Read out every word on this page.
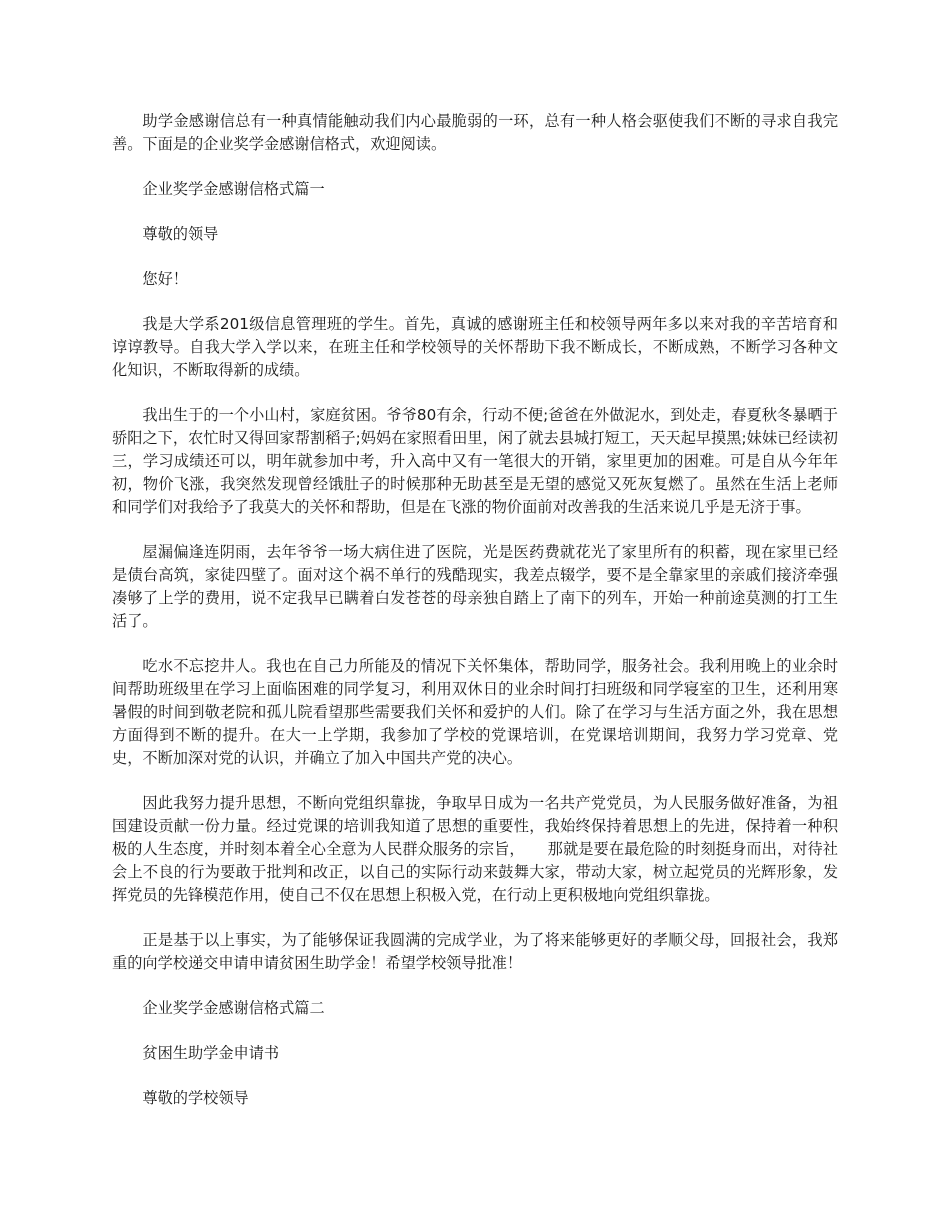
助学金感谢信总有一种真情能触动我们内心最脆弱的一环，总有一种人格会驱使我们不断的寻求自我完善。下面是的企业奖学金感谢信格式，欢迎阅读。

企业奖学金感谢信格式篇一

尊敬的领导

您好！

我是大学系201级信息管理班的学生。首先，真诚的感谢班主任和校领导两年多以来对我的辛苦培育和谆谆教导。自我大学入学以来，在班主任和学校领导的关怀帮助下我不断成长，不断成熟，不断学习各种文化知识，不断取得新的成绩。

我出生于的一个小山村，家庭贫困。爷爷80有余，行动不便;爸爸在外做泥水，到处走，春夏秋冬暴晒于骄阳之下，农忙时又得回家帮割稻子;妈妈在家照看田里，闲了就去县城打短工，天天起早摸黑;妹妹已经读初三，学习成绩还可以，明年就参加中考，升入高中又有一笔很大的开销，家里更加的困难。可是自从今年年初，物价飞涨，我突然发现曾经饿肚子的时候那种无助甚至是无望的感觉又死灰复燃了。虽然在生活上老师和同学们对我给予了我莫大的关怀和帮助，但是在飞涨的物价面前对改善我的生活来说几乎是无济于事。

屋漏偏逢连阴雨，去年爷爷一场大病住进了医院，光是医药费就花光了家里所有的积蓄，现在家里已经是债台高筑，家徒四壁了。面对这个祸不单行的残酷现实，我差点辍学，要不是全靠家里的亲戚们接济牵强凑够了上学的费用，说不定我早已瞒着白发苍苍的母亲独自踏上了南下的列车，开始一种前途莫测的打工生活了。

吃水不忘挖井人。我也在自己力所能及的情况下关怀集体，帮助同学，服务社会。我利用晚上的业余时间帮助班级里在学习上面临困难的同学复习，利用双休日的业余时间打扫班级和同学寝室的卫生，还利用寒暑假的时间到敬老院和孤儿院看望那些需要我们关怀和爱护的人们。除了在学习与生活方面之外，我在思想方面得到不断的提升。在大一上学期，我参加了学校的党课培训，在党课培训期间，我努力学习党章、党史，不断加深对党的认识，并确立了加入中国共产党的决心。

因此我努力提升思想，不断向党组织靠拢，争取早日成为一名共产党党员，为人民服务做好准备，为祖国建设贡献一份力量。经过党课的培训我知道了思想的重要性，我始终保持着思想上的先进，保持着一种积极的人生态度，并时刻本着全心全意为人民群众服务的宗旨，　　那就是要在最危险的时刻挺身而出，对待社会上不良的行为要敢于批判和改正，以自己的实际行动来鼓舞大家，带动大家，树立起党员的光辉形象，发挥党员的先锋模范作用，使自己不仅在思想上积极入党，在行动上更积极地向党组织靠拢。

正是基于以上事实，为了能够保证我圆满的完成学业，为了将来能够更好的孝顺父母，回报社会，我郑重的向学校递交申请申请贫困生助学金！希望学校领导批准！

企业奖学金感谢信格式篇二

贫困生助学金申请书

尊敬的学校领导
